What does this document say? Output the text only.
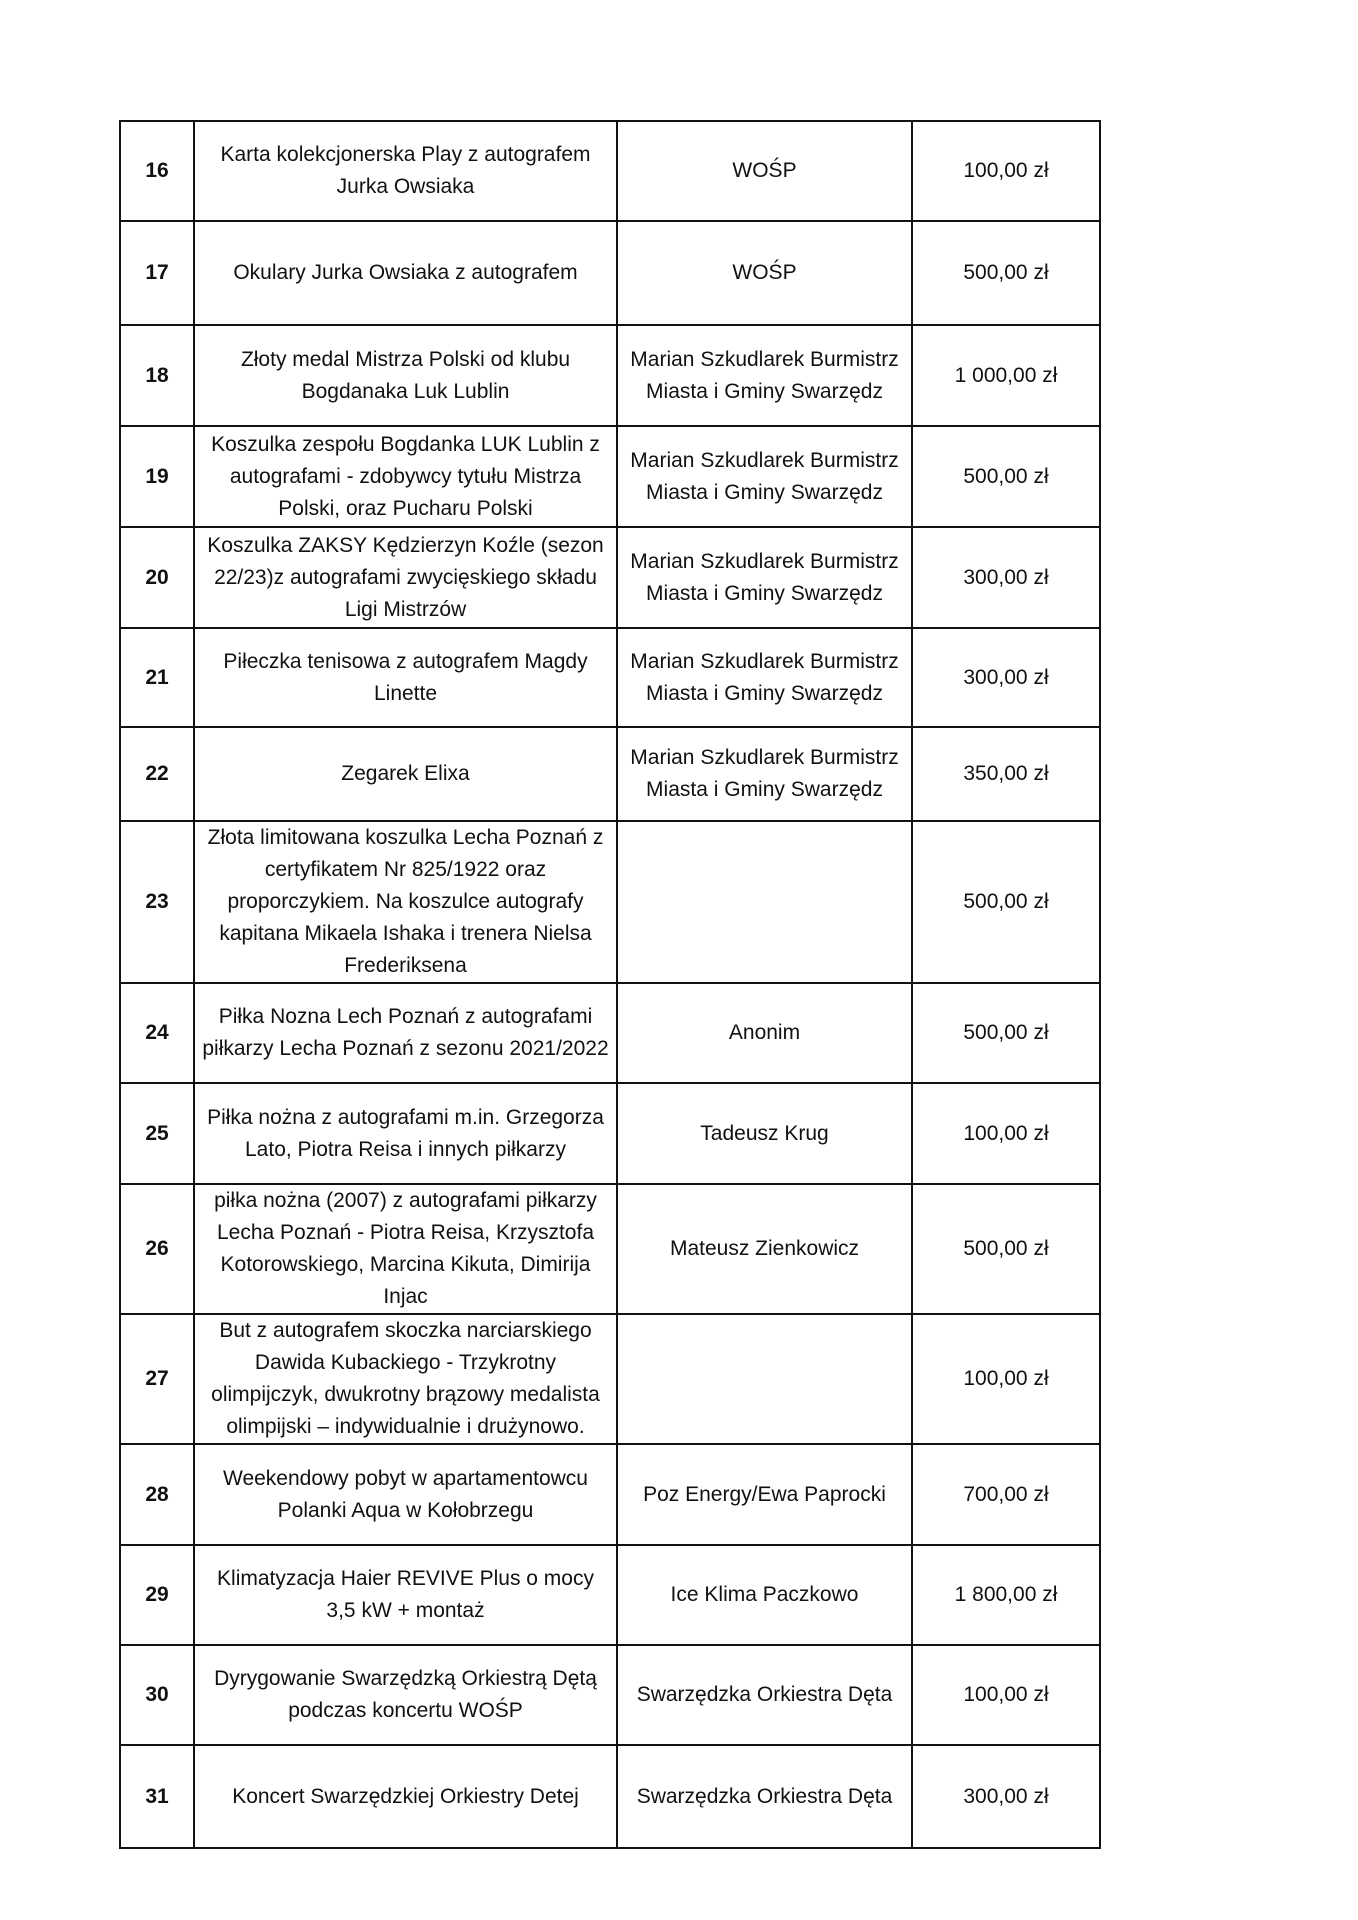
16	Karta kolekcjonerska Play z autografem Jurka Owsiaka	WOŚP	100,00 zł
17	Okulary Jurka Owsiaka z autografem	WOŚP	500,00 zł
18	Złoty medal Mistrza Polski od klubu Bogdanaka Luk Lublin	Marian Szkudlarek Burmistrz Miasta i Gminy Swarzędz	1 000,00 zł
19	Koszulka zespołu Bogdanka LUK Lublin z autografami - zdobywcy tytułu Mistrza Polski, oraz Pucharu Polski	Marian Szkudlarek Burmistrz Miasta i Gminy Swarzędz	500,00 zł
20	Koszulka ZAKSY Kędzierzyn Koźle (sezon 22/23)z autografami zwycięskiego składu Ligi Mistrzów	Marian Szkudlarek Burmistrz Miasta i Gminy Swarzędz	300,00 zł
21	Piłeczka tenisowa z autografem Magdy Linette	Marian Szkudlarek Burmistrz Miasta i Gminy Swarzędz	300,00 zł
22	Zegarek Elixa	Marian Szkudlarek Burmistrz Miasta i Gminy Swarzędz	350,00 zł
23	Złota limitowana koszulka Lecha Poznań z certyfikatem Nr 825/1922 oraz proporczykiem. Na koszulce autografy kapitana Mikaela Ishaka i trenera Nielsa Frederiksena		500,00 zł
24	Piłka Nozna Lech Poznań z autografami piłkarzy Lecha Poznań z sezonu 2021/2022	Anonim	500,00 zł
25	Piłka nożna z autografami m.in. Grzegorza Lato, Piotra Reisa i innych piłkarzy	Tadeusz Krug	100,00 zł
26	piłka nożna (2007) z autografami piłkarzy Lecha Poznań - Piotra Reisa, Krzysztofa Kotorowskiego, Marcina Kikuta, Dimirija Injac	Mateusz Zienkowicz	500,00 zł
27	But z autografem skoczka narciarskiego Dawida Kubackiego - Trzykrotny olimpijczyk, dwukrotny brązowy medalista olimpijski – indywidualnie i drużynowo.		100,00 zł
28	Weekendowy pobyt w apartamentowcu Polanki Aqua w Kołobrzegu	Poz Energy/Ewa Paprocki	700,00 zł
29	Klimatyzacja Haier REVIVE Plus o mocy 3,5 kW + montaż	Ice Klima Paczkowo	1 800,00 zł
30	Dyrygowanie Swarzędzką Orkiestrą Dętą podczas koncertu WOŚP	Swarzędzka Orkiestra Dęta	100,00 zł
31	Koncert Swarzędzkiej Orkiestry Detej	Swarzędzka Orkiestra Dęta	300,00 zł
